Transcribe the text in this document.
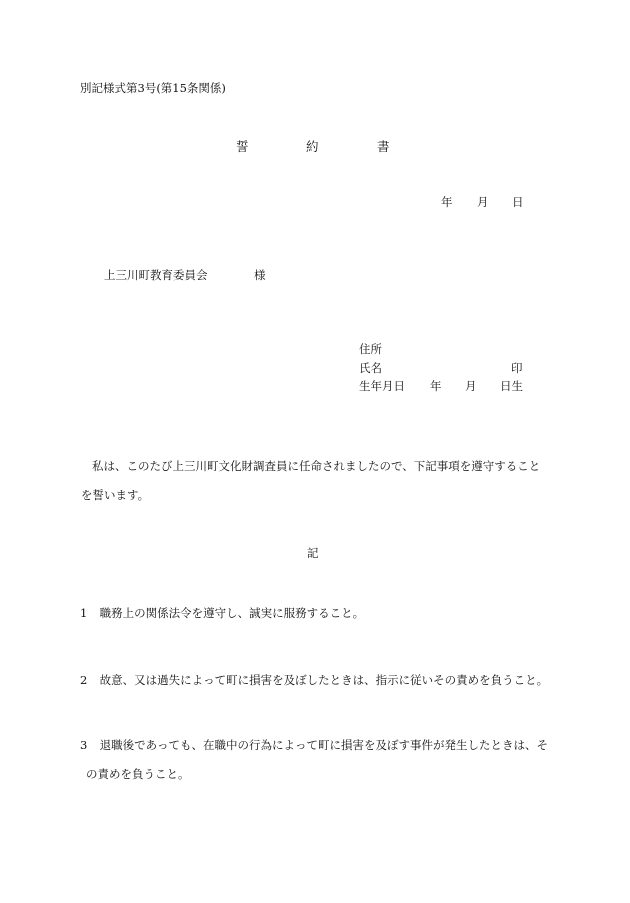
別記様式第3号(第15条関係)
誓	約	書
年 月 日
上三川町教育委員会	様
住所
氏名	印
生年月日 年 月 日生
私は、このたび上三川町文化財調査員に任命されましたので、下記事項を遵守すること
を誓います。
記
1 職務上の関係法令を遵守し、誠実に服務すること。
2 故意、又は過失によって町に損害を及ぼしたときは、指示に従いその責めを負うこと。
3 退職後であっても、在職中の行為によって町に損害を及ぼす事件が発生したときは、そ
の責めを負うこと。
